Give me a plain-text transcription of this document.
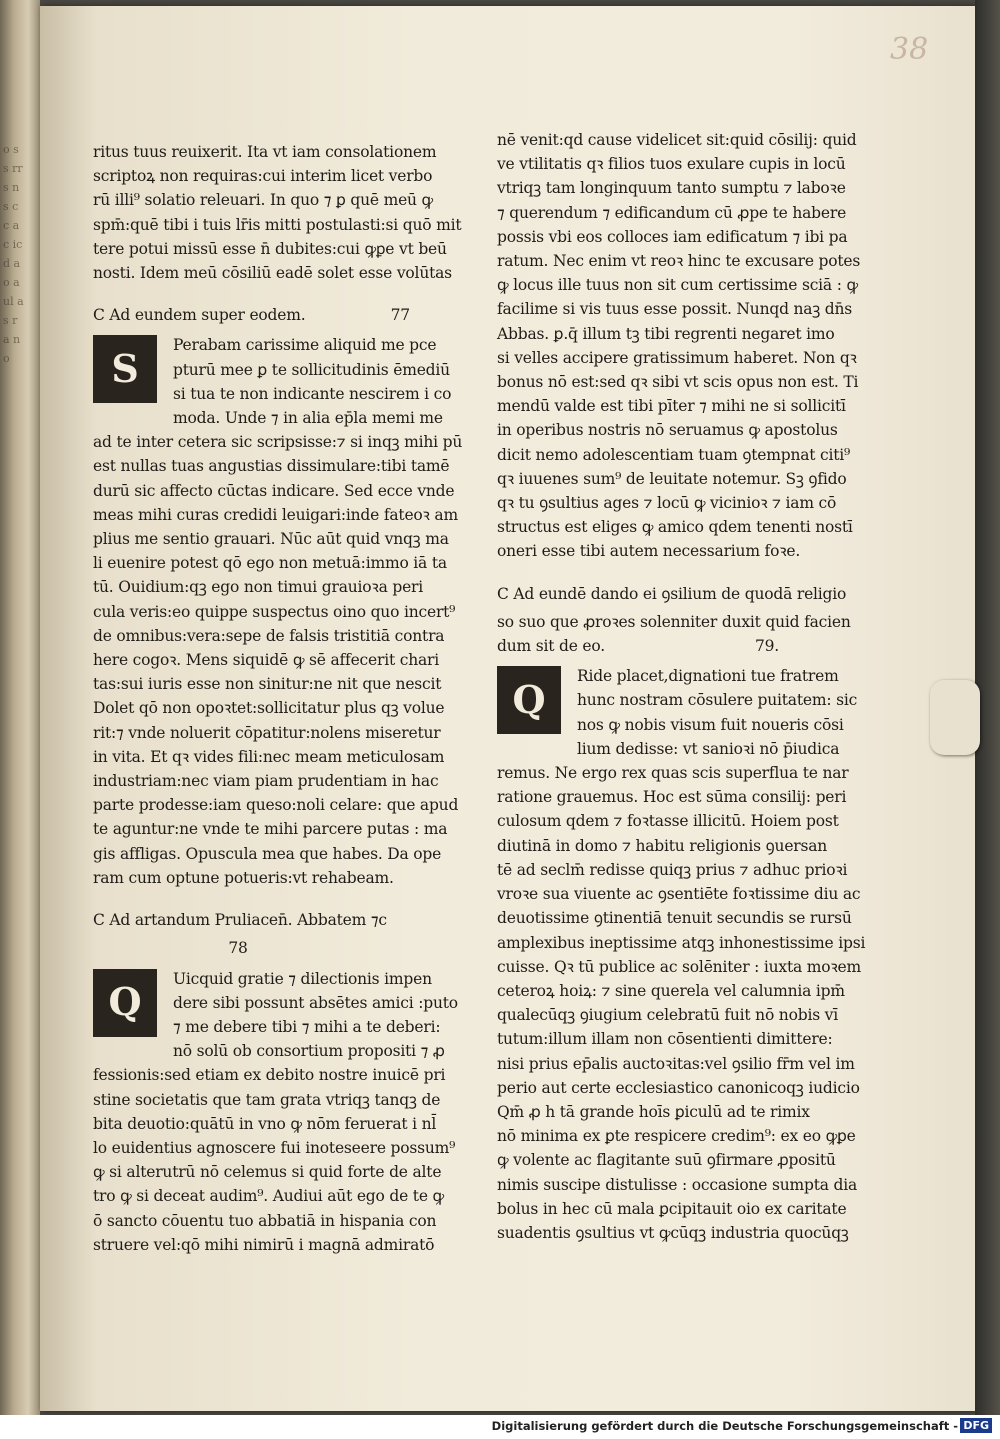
o s s rrs n s c c ac ic d a o a ul a s r a no
38

ritus tuus reuixerit. Ita vt iam consolationem

scriptoꝝ non requiras:cui interim licet verbo

rū illi⁹ solatio releuari. In quo ⁊ ꝑ quē meū ꝙ

spm̄:quē tibi i tuis lr̄is mitti postulasti:si quō mit

tere potui missū esse n̄ dubites:cui ꝙꝑe vt beū

nosti. Idem meū cōsiliū eadē solet esse volūtas

C Ad eundem super eodem.	77

S

Perabam carissime aliquid me pce

pturū mee ꝑ te sollicitudinis ēmediū

si tua te non indicante nescirem i co

moda. Unde ⁊ in alia ep̄la memi me

ad te inter cetera sic scripsisse:⁊ si inqꝫ mihi pū

est nullas tuas angustias dissimulare:tibi tamē

durū sic affecto cūctas indicare. Sed ecce vnde

meas mihi curas credidi leuigari:inde fateoꝛ am

plius me sentio grauari. Nūc aūt quid vnqꝫ ma

li euenire potest qō ego non metuā:immo iā ta

tū. Ouidium:qꝫ ego non timui grauioꝛa peri

cula veris:eo quippe suspectus oino quo incert⁹

de omnibus:vera:sepe de falsis tristitiā contra

here cogoꝛ. Mens siquidē ꝙ sē affecerit chari

tas:sui iuris esse non sinitur:ne nit que nescit

Dolet qō non opoꝛtet:sollicitatur plus qꝫ volue

rit:⁊ vnde noluerit cōpatitur:nolens miseretur

in vita. Et qꝛ vides fili:nec meam meticulosam

industriam:nec viam piam prudentiam in hac

parte prodesse:iam queso:noli celare: que apud

te aguntur:ne vnde te mihi parcere putas : ma

gis affligas. Opuscula mea que habes. Da ope

ram cum optune potueris:vt rehabeam.

C Ad artandum Pruliacen̄. Abbatem ⁊c

78

Q

Uicquid gratie ⁊ dilectionis impen

dere sibi possunt absētes amici :puto

⁊ me debere tibi ⁊ mihi a te deberi:

nō solū ob consortium propositi ⁊ ꝓ

fessionis:sed etiam ex debito nostre inuicē pri

stine societatis que tam grata vtriqꝫ tanqꝫ de

bita deuotio:quātū in vno ꝙ nōm feruerat i nl̄

lo euidentius agnoscere fui inoteseere possum⁹

ꝙ si alterutrū nō celemus si quid forte de alte

tro ꝙ si deceat audim⁹. Audiui aūt ego de te ꝙ

ō sancto cōuentu tuo abbatiā in hispania con

struere vel:qō mihi nimirū i magnā admiratō

nē venit:qd cause videlicet sit:quid cōsilij: quid

ve vtilitatis qꝛ filios tuos exulare cupis in locū

vtriqꝫ tam longinquum tanto sumptu ⁊ laboꝛe

⁊ querendum ⁊ edificandum cū ꝓpe te habere

possis vbi eos colloces iam edificatum ⁊ ibi pa

ratum. Nec enim vt reoꝛ hinc te excusare potes

ꝙ locus ille tuus non sit cum certissime sciā : ꝙ

facilime si vis tuus esse possit. Nunqd naꝫ dn̄s

Abbas. ꝑ.q̄ illum tꝫ tibi regrenti negaret imo

si velles accipere gratissimum haberet. Non qꝛ

bonus nō est:sed qꝛ sibi vt scis opus non est. Ti

mendū valde est tibi pīter ⁊ mihi ne si sollicitī

in operibus nostris nō seruamus ꝙ apostolus

dicit nemo adolescentiam tuam ꝯtempnat citi⁹

qꝛ iuuenes sum⁹ de leuitate notemur. Sꝫ ꝯfido

qꝛ tu ꝯsultius ages ⁊ locū ꝙ vicinioꝛ ⁊ iam cō

structus est eliges ꝙ amico qdem tenenti nostī

oneri esse tibi autem necessarium foꝛe.

C Ad eundē dando ei ꝯsilium de quodā religio

so suo que ꝓroꝛes solenniter duxit quid facien

dum sit de eo.	79.

Q

Ride placet,dignationi tue fratrem

hunc nostram cōsulere puitatem: sic

nos ꝙ nobis visum fuit noueris cōsi

lium dedisse: vt sanioꝛi nō p̄iudica

remus. Ne ergo rex quas scis superflua te nar

ratione grauemus. Hoc est sūma consilij: peri

culosum qdem ⁊ foꝛtasse illicitū. Hoiem post

diutinā in domo ⁊ habitu religionis ꝯuersan

tē ad seclm̄ redisse quiqꝫ prius ⁊ adhuc prioꝛi

vroꝛe sua viuente ac ꝯsentiēte foꝛtissime diu ac

deuotissime ꝯtinentiā tenuit secundis se rursū

amplexibus ineptissime atqꝫ inhonestissime ipsi

cuisse. Qꝛ tū publice ac solēniter : iuxta moꝛem

ceteroꝝ hoiꝝ: ⁊ sine querela vel calumnia ipm̄

qualecūqꝫ ꝯiugium celebratū fuit nō nobis vī

tutum:illum illam non cōsentienti dimittere:

nisi prius ep̄alis auctoꝛitas:vel ꝯsilio fr̄m vel im

perio aut certe ecclesiastico canonicoqꝫ iudicio

Qm̄ ꝓ h tā grande hoīs ꝑiculū ad te rimix

nō minima ex ꝑte respicere credim⁹: ex eo ꝙꝑe

ꝙ volente ac flagitante suū ꝯfirmare ꝓpositū

nimis suscipe distulisse : occasione sumpta dia

bolus in hec cū mala ꝑcipitauit oio ex caritate

suadentis ꝯsultius vt ꝙcūqꝫ industria quocūqꝫ

Digitalisierung gefördert durch die Deutsche Forschungsgemeinschaft - DFG
